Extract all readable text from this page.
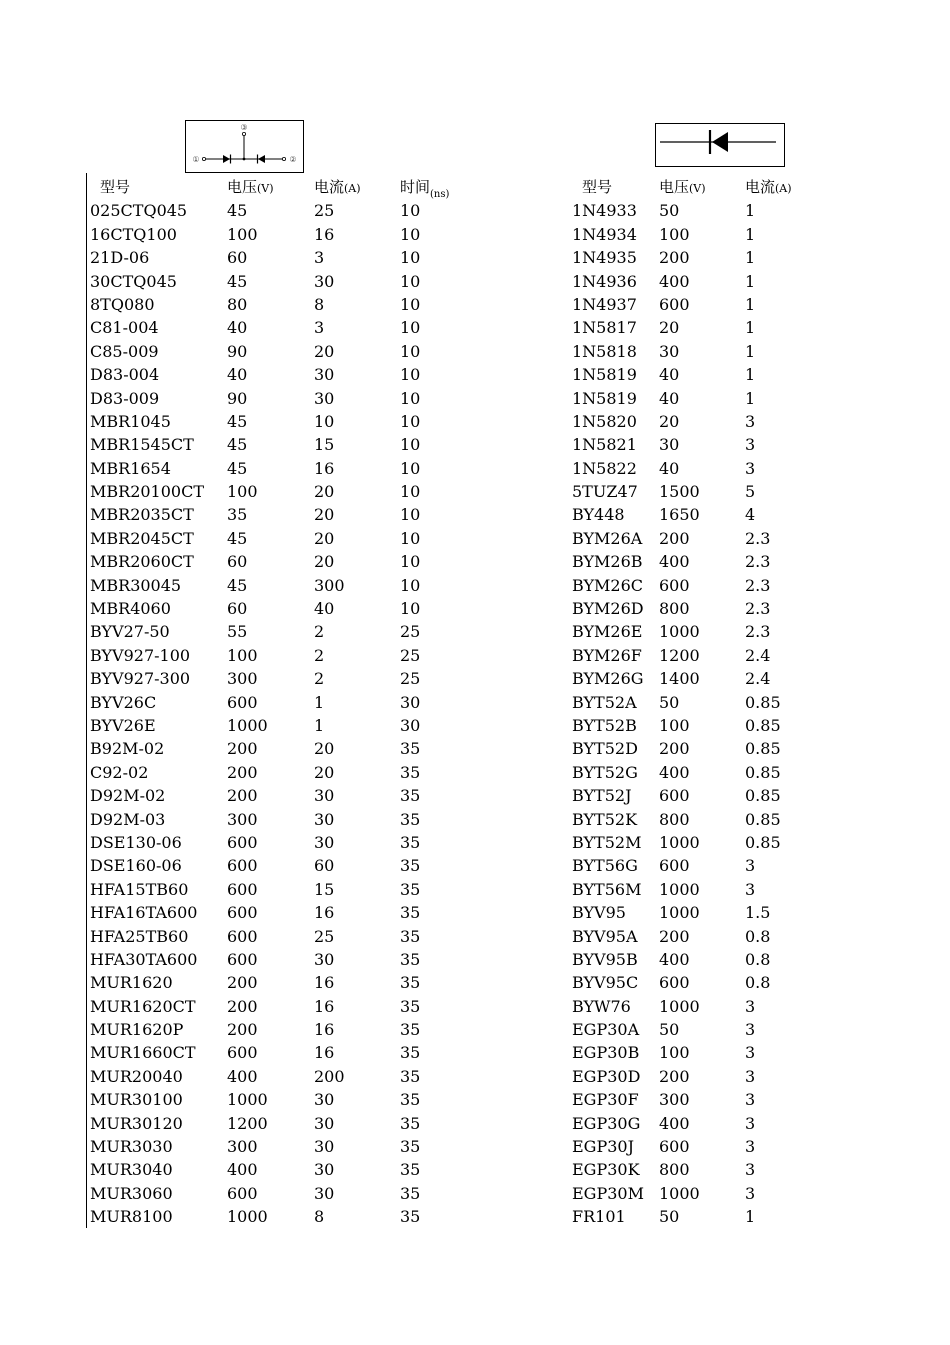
③
①	②
型号	电压(V)	电流(A)	时间$_{(ns)}$
025CTQ045 45	25	10
16CTQ100	100	16	10
21D-06	60	3	10
30CTQ045	45	30	10
8TQ080	80	8	10
C81-004	40	3	10
C85-009	90	20	10
D83-004	40	30	10
D83-009	90	30	10
MBR1045	45	10	10
MBR1545CT 45	15	10
MBR1654	45	16	10
MBR20100CT 100	20	10
MBR2035CT 35	20	10
MBR2045CT 45	20	10
MBR2060CT 60	20	10
MBR30045	45	300	10
MBR4060	60	40	10
BYV27-50	55	2	25
BYV927-100 100	2	25
BYV927-300 300	2	25
BYV26C	600	1	30
BYV26E	1000	1	30
B92M-02	200	20	35
C92-02	200	20	35
D92M-02	200	30	35
D92M-03	300	30	35
DSE130-06	600	30	35
DSE160-06	600	60	35
HFA15TB60 600	15	35
HFA16TA600 600	16	35
HFA25TB60 600	25	35
HFA30TA600 600	30	35
MUR1620	200	16	35
MUR1620CT 200	16	35
MUR1620P	200	16	35
MUR1660CT 600	16	35
MUR20040	400	200	35
MUR30100	1000	30	35
MUR30120	1200	30	35
MUR3030	300	30	35
MUR3040	400	30	35
MUR3060	600	30	35
MUR8100	1000	8	35
型号	电压(V)	电流(A)
1N4933 50	1
1N4934 100	1
1N4935 200	1
1N4936 400	1
1N4937 600	1
1N5817 20	1
1N5818 30	1
1N5819 40	1
1N5819 40	1
1N5820 20	3
1N5821 30	3
1N5822 40	3
5TUZ47 1500	5
BY448 1650	4
BYM26A 200	2.3
BYM26B 400	2.3
BYM26C 600	2.3
BYM26D 800	2.3
BYM26E 1000	2.3
BYM26F 1200	2.4
BYM26G 1400	2.4
BYT52A 50	0.85
BYT52B 100	0.85
BYT52D 200	0.85
BYT52G 400	0.85
BYT52J 600	0.85
BYT52K 800	0.85
BYT52M 1000	0.85
BYT56G 600	3
BYT56M 1000	3
BYV95 1000	1.5
BYV95A 200	0.8
BYV95B 400	0.8
BYV95C 600	0.8
BYW76 1000	3
EGP30A 50	3
EGP30B 100	3
EGP30D 200	3
EGP30F 300	3
EGP30G 400	3
EGP30J 600	3
EGP30K 800	3
EGP30M 1000	3
FR101 50	1
